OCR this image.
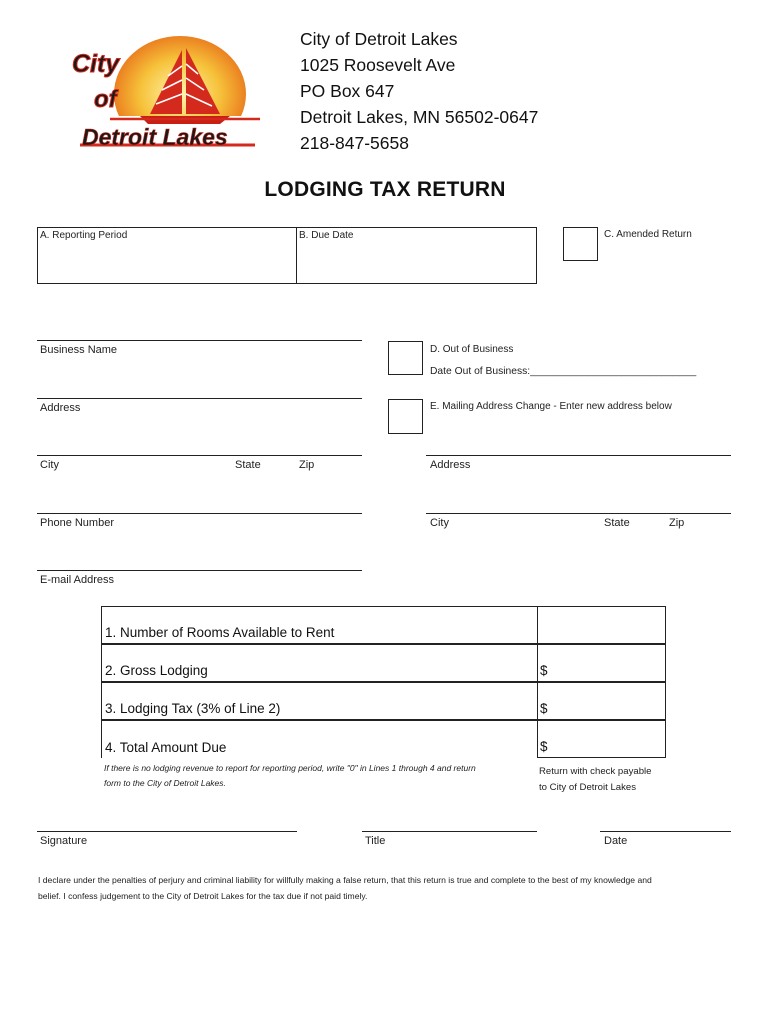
City
of
Detroit Lakes
City of Detroit Lakes
1025 Roosevelt Ave
PO Box 647
Detroit Lakes, MN 56502-0647
218-847-5658
LODGING TAX RETURN
A. Reporting Period	B. Due Date	C. Amended Return
Business Name
Address
City	State	Zip
Phone Number
E-mail Address
D. Out of Business
Date Out of Business:_____________________________
E. Mailing Address Change - Enter new address below
Address
City	State	Zip
1. Number of Rooms Available to Rent
2. Gross Lodging	$
3. Lodging Tax (3% of Line 2)	$
4. Total Amount Due	$
If there is no lodging revenue to report for reporting period, write "0" in Lines 1 through 4 and return
form to the City of Detroit Lakes.
Return with check payable
to City of Detroit Lakes
Signature	Title	Date
I declare under the penalties of perjury and criminal liability for willfully making a false return, that this return is true and complete to the best of my knowledge and
belief. I confess judgement to the City of Detroit Lakes for the tax due if not paid timely.
